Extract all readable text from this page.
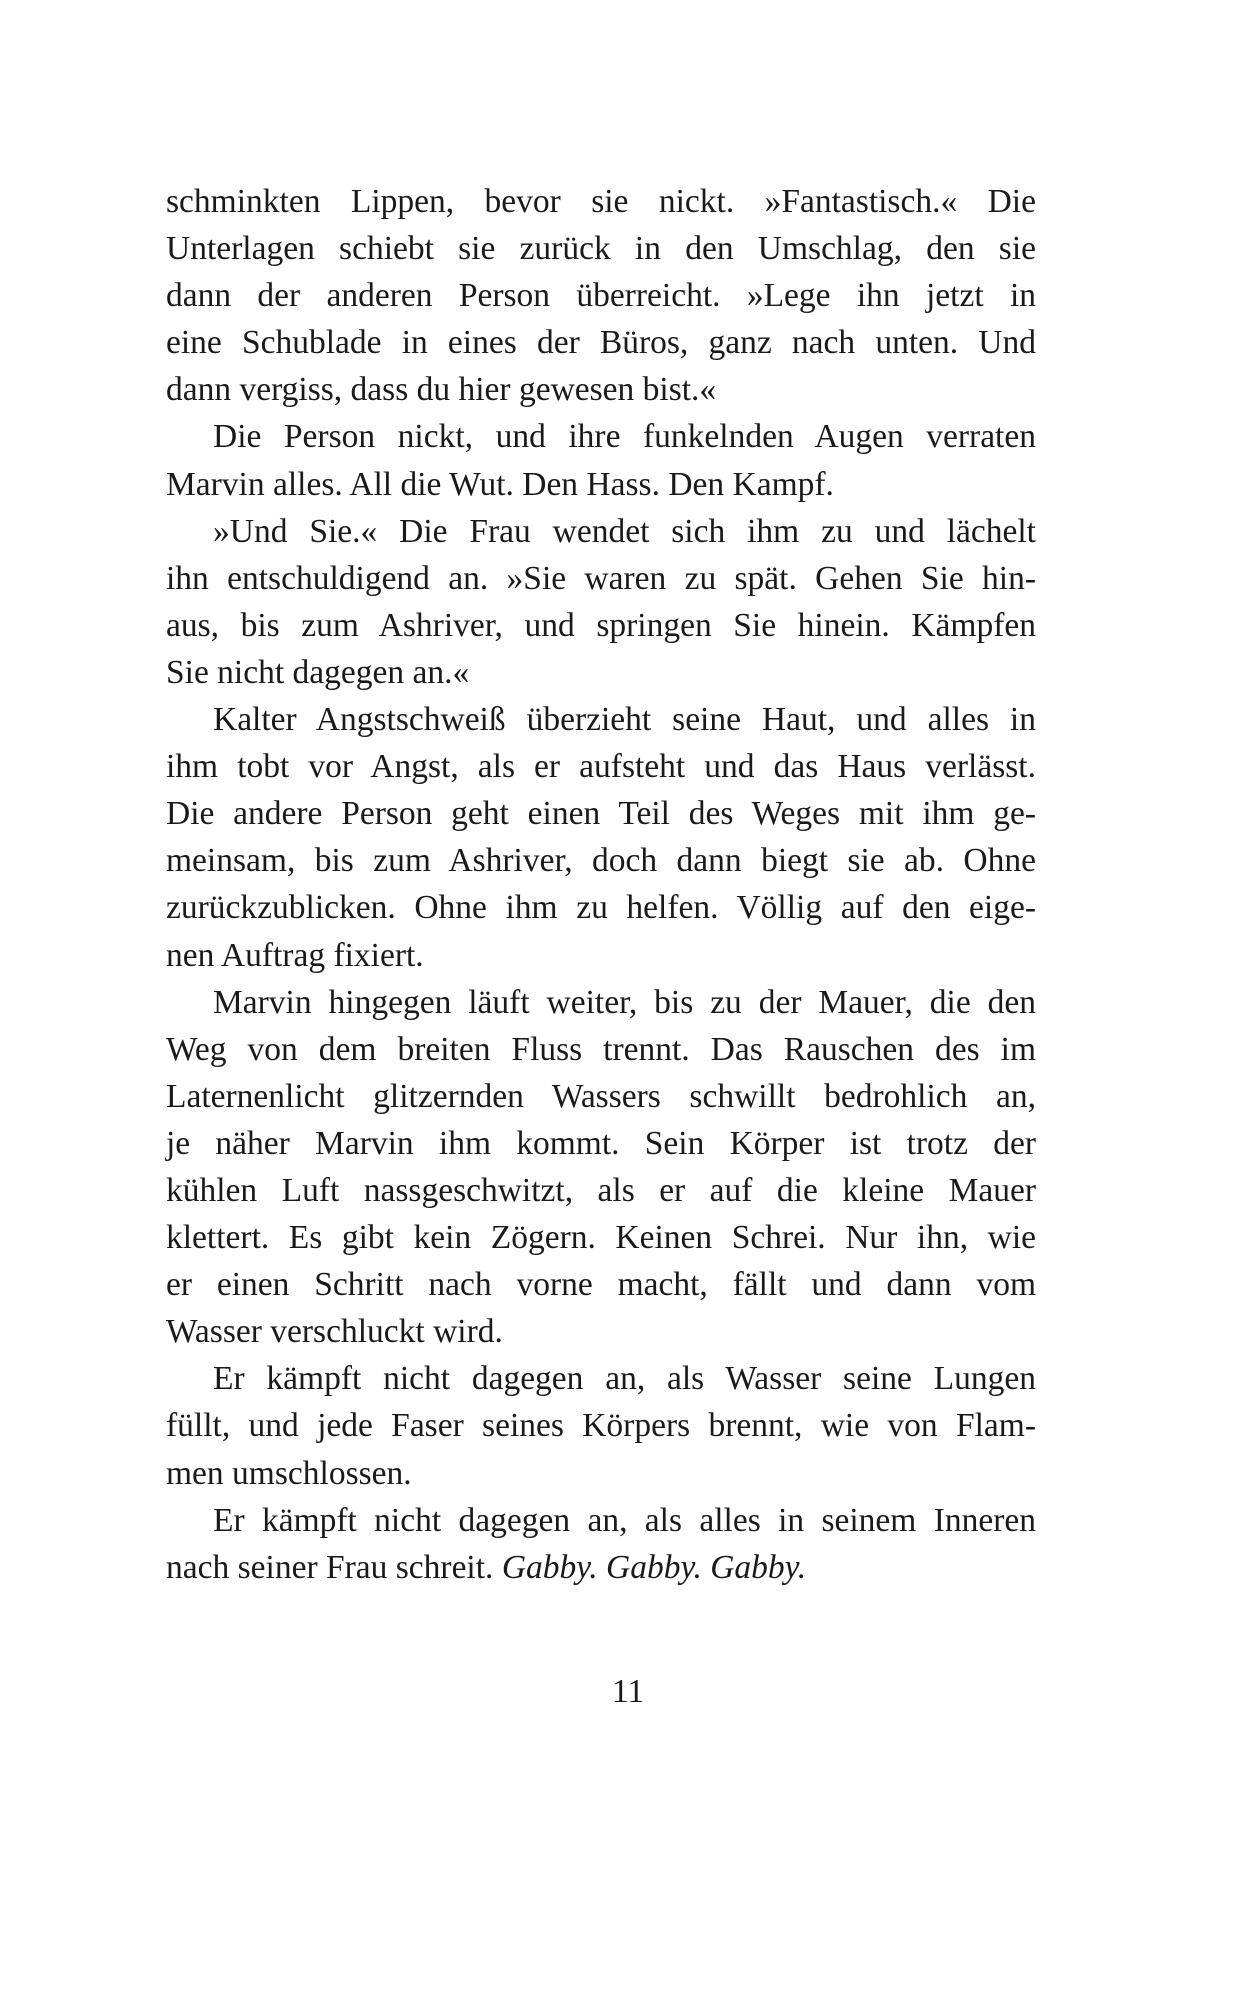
schminkten Lippen, bevor sie nickt. »Fantastisch.« Die
Unterlagen schiebt sie zurück in den Umschlag, den sie
dann der anderen Person überreicht. »Lege ihn jetzt in
eine Schublade in eines der Büros, ganz nach unten. Und
dann vergiss, dass du hier gewesen bist.«
Die Person nickt, und ihre funkelnden Augen verraten
Marvin alles. All die Wut. Den Hass. Den Kampf.
»Und Sie.« Die Frau wendet sich ihm zu und lächelt
ihn entschuldigend an. »Sie waren zu spät. Gehen Sie hin-
aus, bis zum Ashriver, und springen Sie hinein. Kämpfen
Sie nicht dagegen an.«
Kalter Angstschweiß überzieht seine Haut, und alles in
ihm tobt vor Angst, als er aufsteht und das Haus verlässt.
Die andere Person geht einen Teil des Weges mit ihm ge-
meinsam, bis zum Ashriver, doch dann biegt sie ab. Ohne
zurückzublicken. Ohne ihm zu helfen. Völlig auf den eige-
nen Auftrag fixiert.
Marvin hingegen läuft weiter, bis zu der Mauer, die den
Weg von dem breiten Fluss trennt. Das Rauschen des im
Laternenlicht glitzernden Wassers schwillt bedrohlich an,
je näher Marvin ihm kommt. Sein Körper ist trotz der
kühlen Luft nassgeschwitzt, als er auf die kleine Mauer
klettert. Es gibt kein Zögern. Keinen Schrei. Nur ihn, wie
er einen Schritt nach vorne macht, fällt und dann vom
Wasser verschluckt wird.
Er kämpft nicht dagegen an, als Wasser seine Lungen
füllt, und jede Faser seines Körpers brennt, wie von Flam-
men umschlossen.
Er kämpft nicht dagegen an, als alles in seinem Inneren
nach seiner Frau schreit. Gabby. Gabby. Gabby.
11
